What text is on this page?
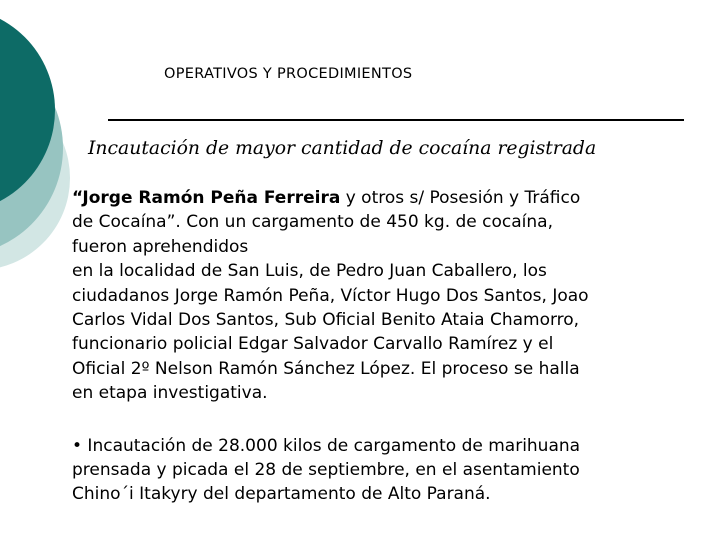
OPERATIVOS Y PROCEDIMIENTOS
Incautación de mayor cantidad de cocaína registrada

“Jorge Ramón Peña Ferreira y otros s/ Posesión y Tráfico

de Cocaína”. Con un cargamento de 450 kg. de cocaína,

fueron aprehendidos

en la localidad de San Luis, de Pedro Juan Caballero, los

ciudadanos Jorge Ramón Peña, Víctor Hugo Dos Santos, Joao

Carlos Vidal Dos Santos, Sub Oficial Benito Ataia Chamorro,

funcionario policial Edgar Salvador Carvallo Ramírez y el

Oficial 2º Nelson Ramón Sánchez López. El proceso se halla

en etapa investigativa.

• Incautación de 28.000 kilos de cargamento de marihuana

prensada y picada el 28 de septiembre, en el asentamiento

Chino´i Itakyry del departamento de Alto Paraná.
